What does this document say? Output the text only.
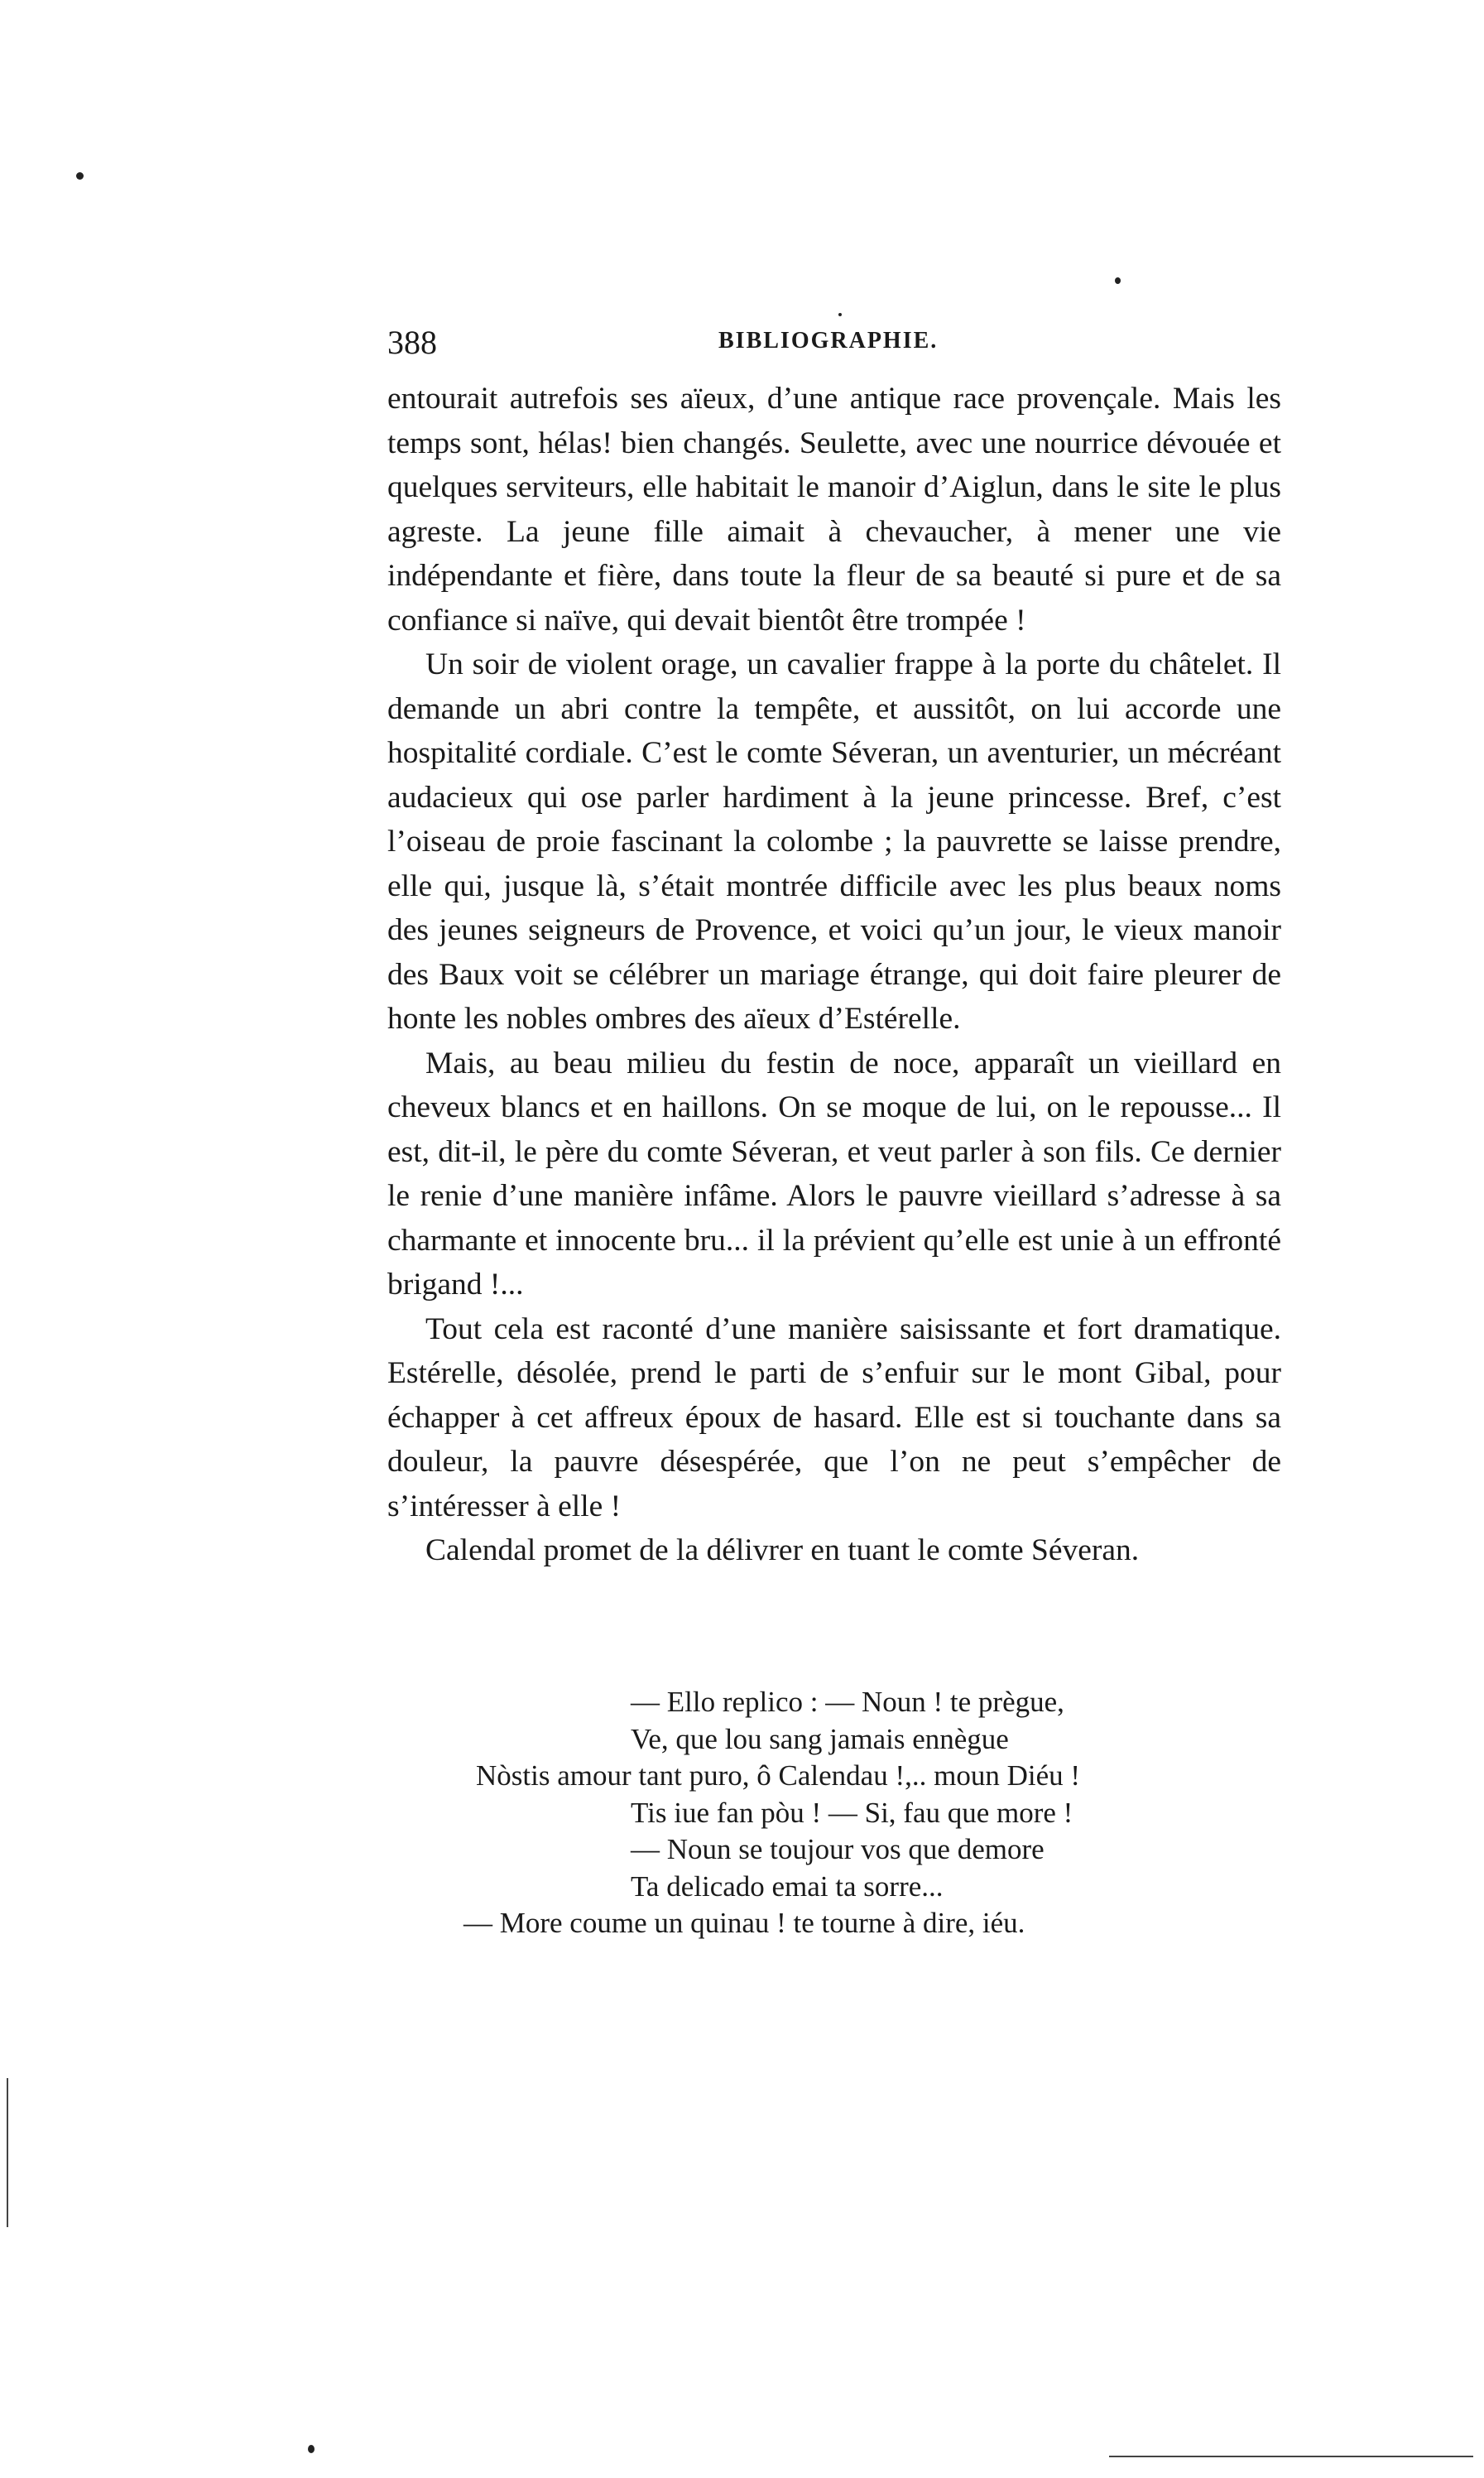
388	BIBLIOGRAPHIE.

entourait autrefois ses aïeux, d’une antique race provençale. Mais les temps sont, hélas! bien changés. Seulette, avec une nourrice dévouée et quelques serviteurs, elle habitait le manoir d’Aiglun, dans le site le plus agreste. La jeune fille aimait à chevaucher, à mener une vie indépendante et fière, dans toute la fleur de sa beauté si pure et de sa confiance si naïve, qui devait bientôt être trompée !

Un soir de violent orage, un cavalier frappe à la porte du châtelet. Il demande un abri contre la tempête, et aussitôt, on lui accorde une hospitalité cordiale. C’est le comte Séveran, un aventurier, un mécréant audacieux qui ose parler hardiment à la jeune princesse. Bref, c’est l’oiseau de proie fascinant la colombe ; la pauvrette se laisse prendre, elle qui, jusque là, s’était montrée difficile avec les plus beaux noms des jeunes seigneurs de Provence, et voici qu’un jour, le vieux manoir des Baux voit se célébrer un mariage étrange, qui doit faire pleurer de honte les nobles ombres des aïeux d’Estérelle.

Mais, au beau milieu du festin de noce, apparaît un vieillard en cheveux blancs et en haillons. On se moque de lui, on le repousse... Il est, dit-il, le père du comte Séveran, et veut parler à son fils. Ce dernier le renie d’une manière infâme. Alors le pauvre vieillard s’adresse à sa charmante et innocente bru... il la prévient qu’elle est unie à un effronté brigand !...

Tout cela est raconté d’une manière saisissante et fort dramatique. Estérelle, désolée, prend le parti de s’enfuir sur le mont Gibal, pour échapper à cet affreux époux de hasard. Elle est si touchante dans sa douleur, la pauvre désespérée, que l’on ne peut s’empêcher de s’intéresser à elle !

Calendal promet de la délivrer en tuant le comte Séveran.

— Ello replico : — Noun ! te prègue,
Ve, que lou sang jamais ennègue
Nòstis amour tant puro, ô Calendau !,.. moun Diéu !
Tis iue fan pòu ! — Si, fau que more !
— Noun se toujour vos que demore
Ta delicado emai ta sorre...
— More coume un quinau ! te tourne à dire, iéu.
